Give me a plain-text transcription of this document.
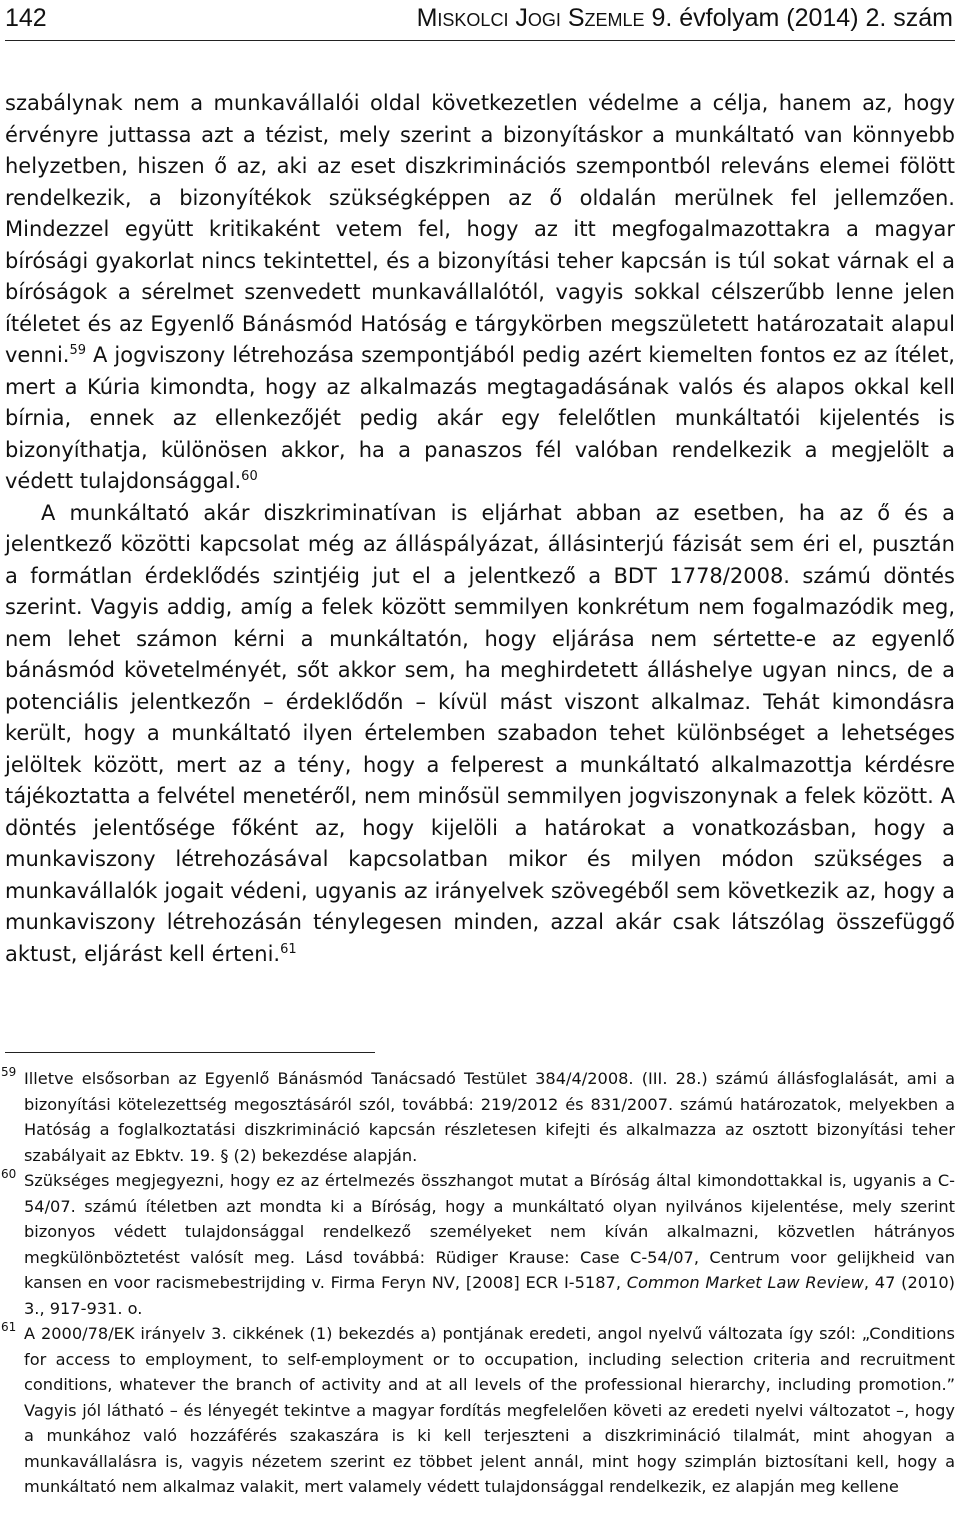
142	Miskolci Jogi Szemle 9. évfolyam (2014) 2. szám

szabálynak nem a munkavállalói oldal következetlen védelme a célja, hanem az, hogy érvényre juttassa azt a tézist, mely szerint a bizonyításkor a munkáltató van könnyebb helyzetben, hiszen ő az, aki az eset diszkriminációs szempontból releváns elemei fölött rendelkezik, a bizonyítékok szükségképpen az ő oldalán merülnek fel jellemzően. Mindezzel együtt kritikaként vetem fel, hogy az itt megfogalmazottakra a magyar bírósági gyakorlat nincs tekintettel, és a bizonyítási teher kapcsán is túl sokat várnak el a bíróságok a sérelmet szenvedett munkavállalótól, vagyis sokkal célszerűbb lenne jelen ítéletet és az Egyenlő Bánásmód Hatóság e tárgykörben megszületett határozatait alapul venni.$^{59}$ A jogviszony létrehozása szempontjából pedig azért kiemelten fontos ez az ítélet, mert a Kúria kimondta, hogy az alkalmazás megtagadásának valós és alapos okkal kell bírnia, ennek az ellenkezőjét pedig akár egy felelőtlen munkáltatói kijelentés is bizonyíthatja, különösen akkor, ha a panaszos fél valóban rendelkezik a megjelölt a védett tulajdonsággal.$^{60}$

A munkáltató akár diszkriminatívan is eljárhat abban az esetben, ha az ő és a jelentkező közötti kapcsolat még az álláspályázat, állásinterjú fázisát sem éri el, pusztán a formátlan érdeklődés szintjéig jut el a jelentkező a BDT 1778/2008. számú döntés szerint. Vagyis addig, amíg a felek között semmilyen konkrétum nem fogalmazódik meg, nem lehet számon kérni a munkáltatón, hogy eljárása nem sértette-e az egyenlő bánásmód követelményét, sőt akkor sem, ha meghirdetett álláshelye ugyan nincs, de a potenciális jelentkezőn – érdeklődőn – kívül mást viszont alkalmaz. Tehát kimondásra került, hogy a munkáltató ilyen értelemben szabadon tehet különbséget a lehetséges jelöltek között, mert az a tény, hogy a felperest a munkáltató alkalmazottja kérdésre tájékoztatta a felvétel menetéről, nem minősül semmilyen jogviszonynak a felek között. A döntés jelentősége főként az, hogy kijelöli a határokat a vonatkozásban, hogy a munkaviszony létrehozásával kapcsolatban mikor és milyen módon szükséges a munkavállalók jogait védeni, ugyanis az irányelvek szövegéből sem következik az, hogy a munkaviszony létrehozásán ténylegesen minden, azzal akár csak látszólag összefüggő aktust, eljárást kell érteni.$^{61}$

59 Illetve elsősorban az Egyenlő Bánásmód Tanácsadó Testület 384/4/2008. (III. 28.) számú állásfoglalását, ami a bizonyítási kötelezettség megosztásáról szól, továbbá: 219/2012 és 831/2007. számú határozatok, melyekben a Hatóság a foglalkoztatási diszkrimináció kapcsán részletesen kifejti és alkalmazza az osztott bizonyítási teher szabályait az Ebktv. 19. § (2) bekezdése alapján.

60 Szükséges megjegyezni, hogy ez az értelmezés összhangot mutat a Bíróság által kimondottakkal is, ugyanis a C-54/07. számú ítéletben azt mondta ki a Bíróság, hogy a munkáltató olyan nyilvános kijelentése, mely szerint bizonyos védett tulajdonsággal rendelkező személyeket nem kíván alkalmazni, közvetlen hátrányos megkülönböztetést valósít meg. Lásd továbbá: Rüdiger Krause: Case C-54/07, Centrum voor gelijkheid van kansen en voor racismebestrijding v. Firma Feryn NV, [2008] ECR I-5187, Common Market Law Review, 47 (2010) 3., 917-931. o.

61 A 2000/78/EK irányelv 3. cikkének (1) bekezdés a) pontjának eredeti, angol nyelvű változata így szól: „Conditions for access to employment, to self-employment or to occupation, including selection criteria and recruitment conditions, whatever the branch of activity and at all levels of the professional hierarchy, including promotion.” Vagyis jól látható – és lényegét tekintve a magyar fordítás megfelelően követi az eredeti nyelvi változatot –, hogy a munkához való hozzáférés szakaszára is ki kell terjeszteni a diszkrimináció tilalmát, mint ahogyan a munkavállalásra is, vagyis nézetem szerint ez többet jelent annál, mint hogy szimplán biztosítani kell, hogy a munkáltató nem alkalmaz valakit, mert valamely védett tulajdonsággal rendelkezik, ez alapján meg kellene
